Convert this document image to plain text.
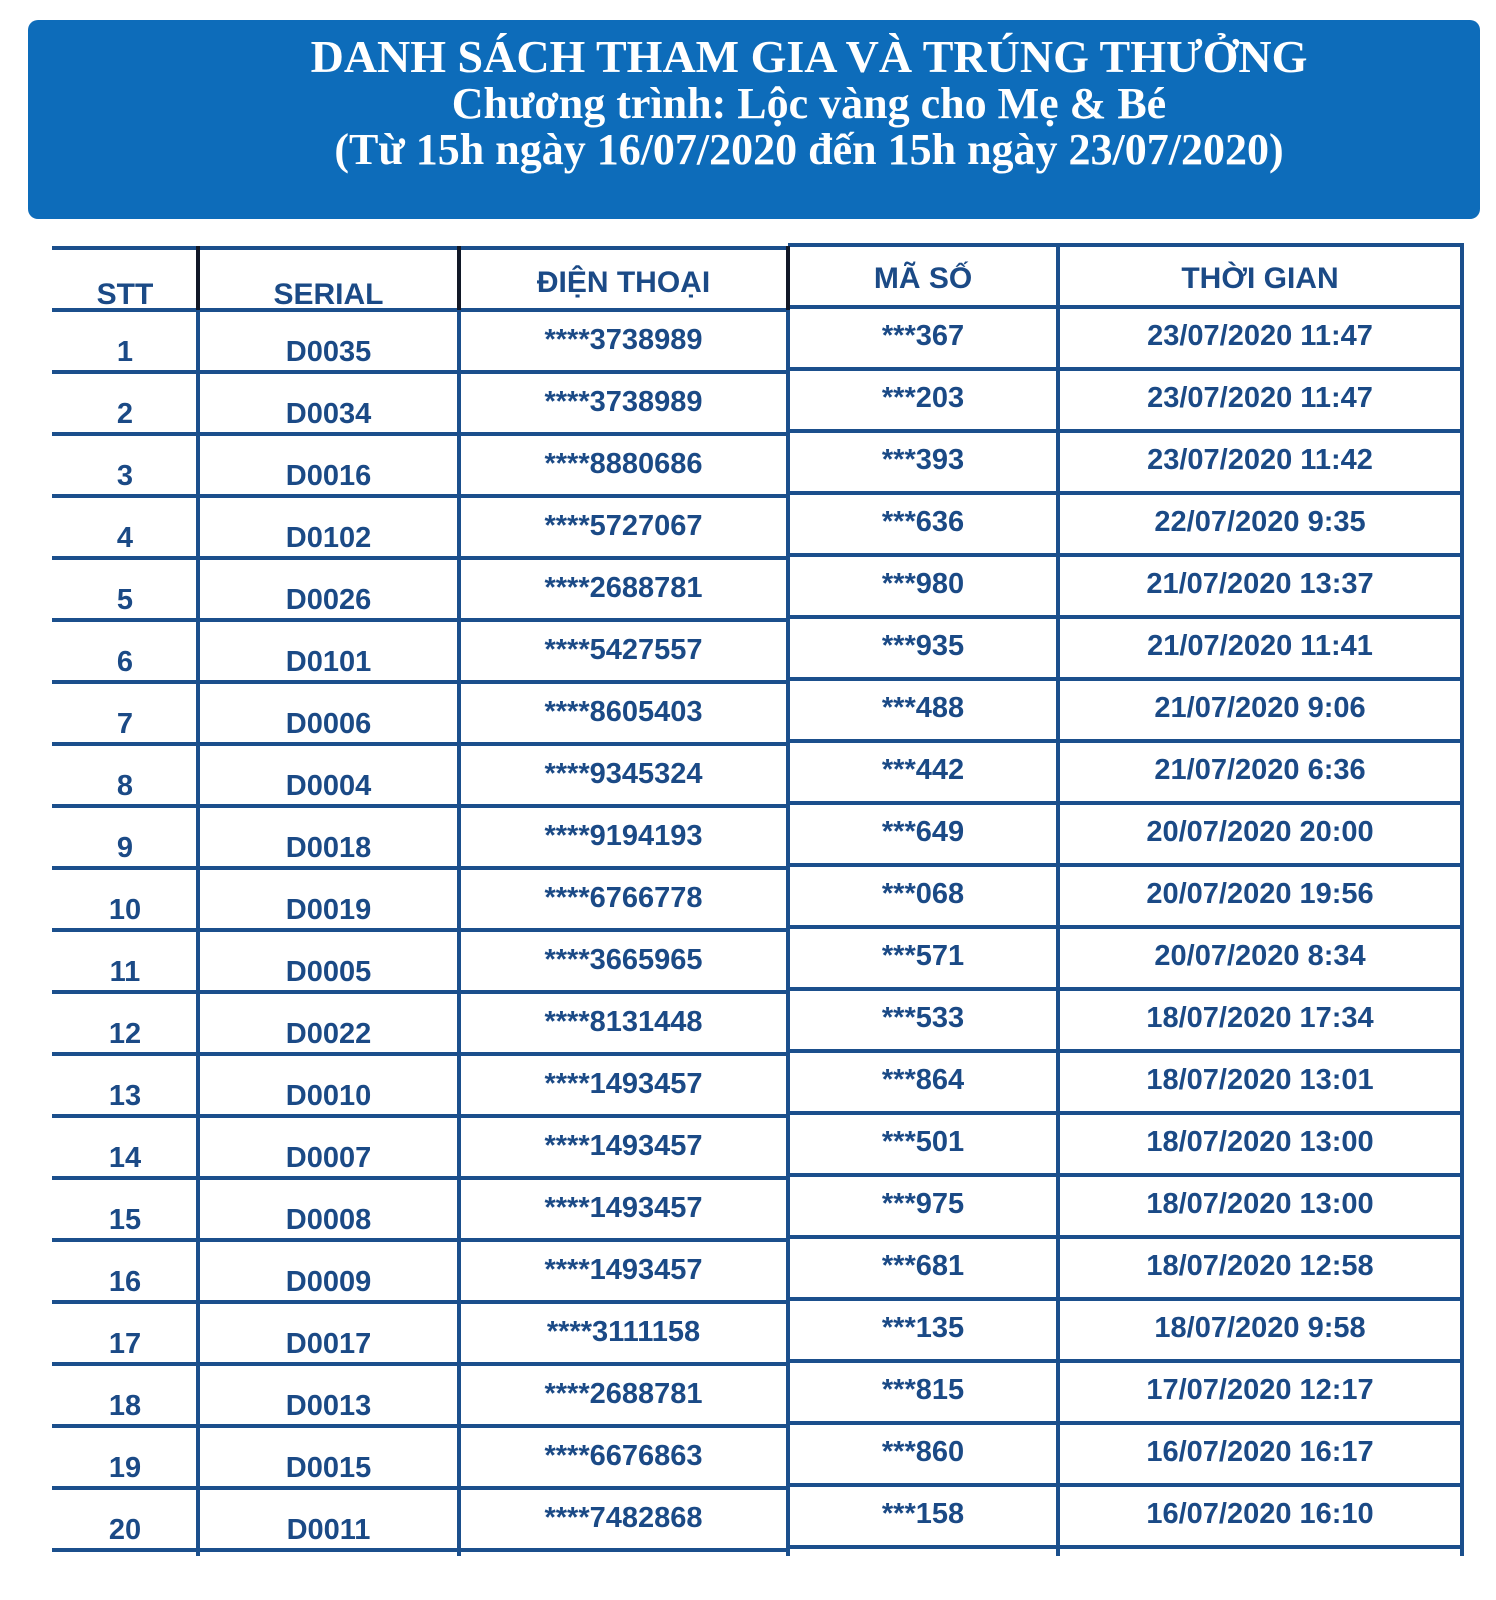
DANH SÁCH THAM GIA VÀ TRÚNG THƯỞNG
Chương trình: Lộc vàng cho Mẹ & Bé
(Từ 15h ngày 16/07/2020 đến 15h ngày 23/07/2020)
STT	SERIAL	ĐIỆN THOẠI	MÃ SỐ	THỜI GIAN
1	D0035	****3738989	***367	23/07/2020 11:47
2	D0034	****3738989	***203	23/07/2020 11:47
3	D0016	****8880686	***393	23/07/2020 11:42
4	D0102	****5727067	***636	22/07/2020 9:35
5	D0026	****2688781	***980	21/07/2020 13:37
6	D0101	****5427557	***935	21/07/2020 11:41
7	D0006	****8605403	***488	21/07/2020 9:06
8	D0004	****9345324	***442	21/07/2020 6:36
9	D0018	****9194193	***649	20/07/2020 20:00
10	D0019	****6766778	***068	20/07/2020 19:56
11	D0005	****3665965	***571	20/07/2020 8:34
12	D0022	****8131448	***533	18/07/2020 17:34
13	D0010	****1493457	***864	18/07/2020 13:01
14	D0007	****1493457	***501	18/07/2020 13:00
15	D0008	****1493457	***975	18/07/2020 13:00
16	D0009	****1493457	***681	18/07/2020 12:58
17	D0017	****3111158	***135	18/07/2020 9:58
18	D0013	****2688781	***815	17/07/2020 12:17
19	D0015	****6676863	***860	16/07/2020 16:17
20	D0011	****7482868	***158	16/07/2020 16:10
